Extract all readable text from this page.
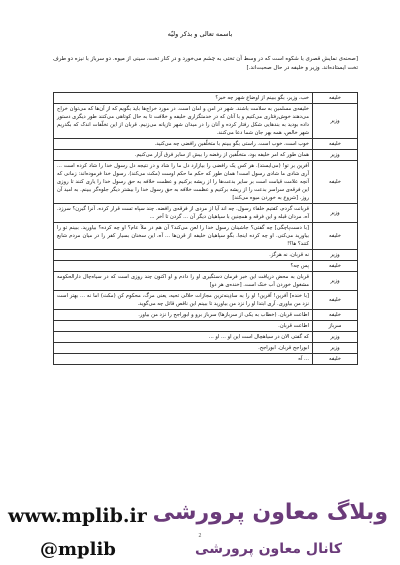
باسمه تعالی و بذکر ولیّه
[صحنه‌ی نمایش قصری با شکوه است که در وسط آن تختی به چشم می‌خورد و در کنار تخت، سینی از میوه. دو سرباز با نیزه دو طرف تخت ایستاده‌اند. وزیر و خلیفه در حال صحبت‌اند.]
خلیفه	خب، وزیر، بگو ببینم از اوضاع شهر چه خبر؟
وزیر	خلیفه‌ی مسلمین به سلامت باشند. شهر در امن و امان است. در مورد خراج‌ها باید بگویم که از آن‌ها که می‌توان خراج می‌دهند خوش‌رفتاری می‌کنیم و با آنان که در خدمتگزاری خلیفه و خلافت تا به حال کوتاهی می‌کنند طور دیگری دستور داده بودید به بندهایی شکل رفتار کرده و آنان را در میدان شهر تازیانه می‌زنیم. قربان از این تخلّفات اندک که بگذریم شهر خالص، همه بهر جان شما دعا می‌کنند.
خلیفه	خوب است، خوب است. راستی بگو ببینم با متخلّفین رافضی چه می‌کنید.
وزیر	همان طور که امر خلیفه بود، متخلّفین از رفضه را بیش از سایر فرق آزار می‌کنیم.
خلیفه	آفرین بر تو! (می‌ایستد). هر کس یک رافضی را بیازارد دل ما را شاد و در نتیجه دل رسول خدا را شاد کرده است ... آری شادی ما شادی رسول است! همان طور که حکم ما حکم اوست (مکث می‌کند). رسول خدا فرموده‌اند: زمانی که آنچه علامت قیامت است بر سایر بدعت‌ها را از ریشه برکنیم و عظمت خلافه به حق رسول خدا را یاری کنند تا روزی این فرقه‌ی سراسر بدعت را از ریشه برکنیم و عظمت خلافه به حق رسول خدا را بیشتر دیگر جلوه‌گر ببینم. به امید آن روز. [شروع به خوردن میوه می‌کند]
وزیر	قربانت گردم، کفتیم خلفاء رسول. چه اند آیا از مردی از فرقه‌ی رافضه. چند سپاه تست قرار کرده. آنرا گیرن؟ سرزد. آه، مردان قبله و این فرقه و همچنین با سپاهیان دیگر آن ... گردن تا آخر ...
خلیفه	[با دست‌پاچگی] چه گفتی؟ جاشینان رسول خدا را لعن می‌کند؟ آن هم در ملأ عام؟ او چه کرده؟ بیاورید. ببینم تو را بیاورید می‌کنی. او چه کرده اینجا. بگو سپاهیان خلیفه از قرن‌ها ... آه، این سخنان بسیار کفر را در میان مردم شایع کنند؟ ها؟!
وزیر	نه قربان، نه هرگز.
خلیفه	پس چه؟
وزیر	قربان به محض دریافت این خبر فرمان دستگیری او را دادم و او اکنون چند روزی است که در سیاه‌چال دارالحکومه مشغول خوردن آب خنک است. [خنده‌ی هر دو]
خلیفه	[با خنده] آفرین! آفرین! او را به سادِینه‌ترین مجازات حلالی تحیه، یعنی مرگ، محکوم کن (مکث) اما نه ... بهتر است نزد من بیاوری. آری ابتدا او را نزد من بیاورید تا ببینم این ناقص قاتل چه می‌گوید.
خلیفه	اطاعت قربان. (خطاب به یکی از سربازها) سرباز برو و ابوراجح را نزد من بیاور.
سرباز	اطاعت قربان.
وزیر	که گفتی الان در سیاهچال است این او ... او ...
وزیر	ابوراجح قربان. ابوراجح.
خلیفه	... آه
2
وبلاگ معاون پرورشی
www.mplib.ir
@mplib	کانال معاون پرورشی
